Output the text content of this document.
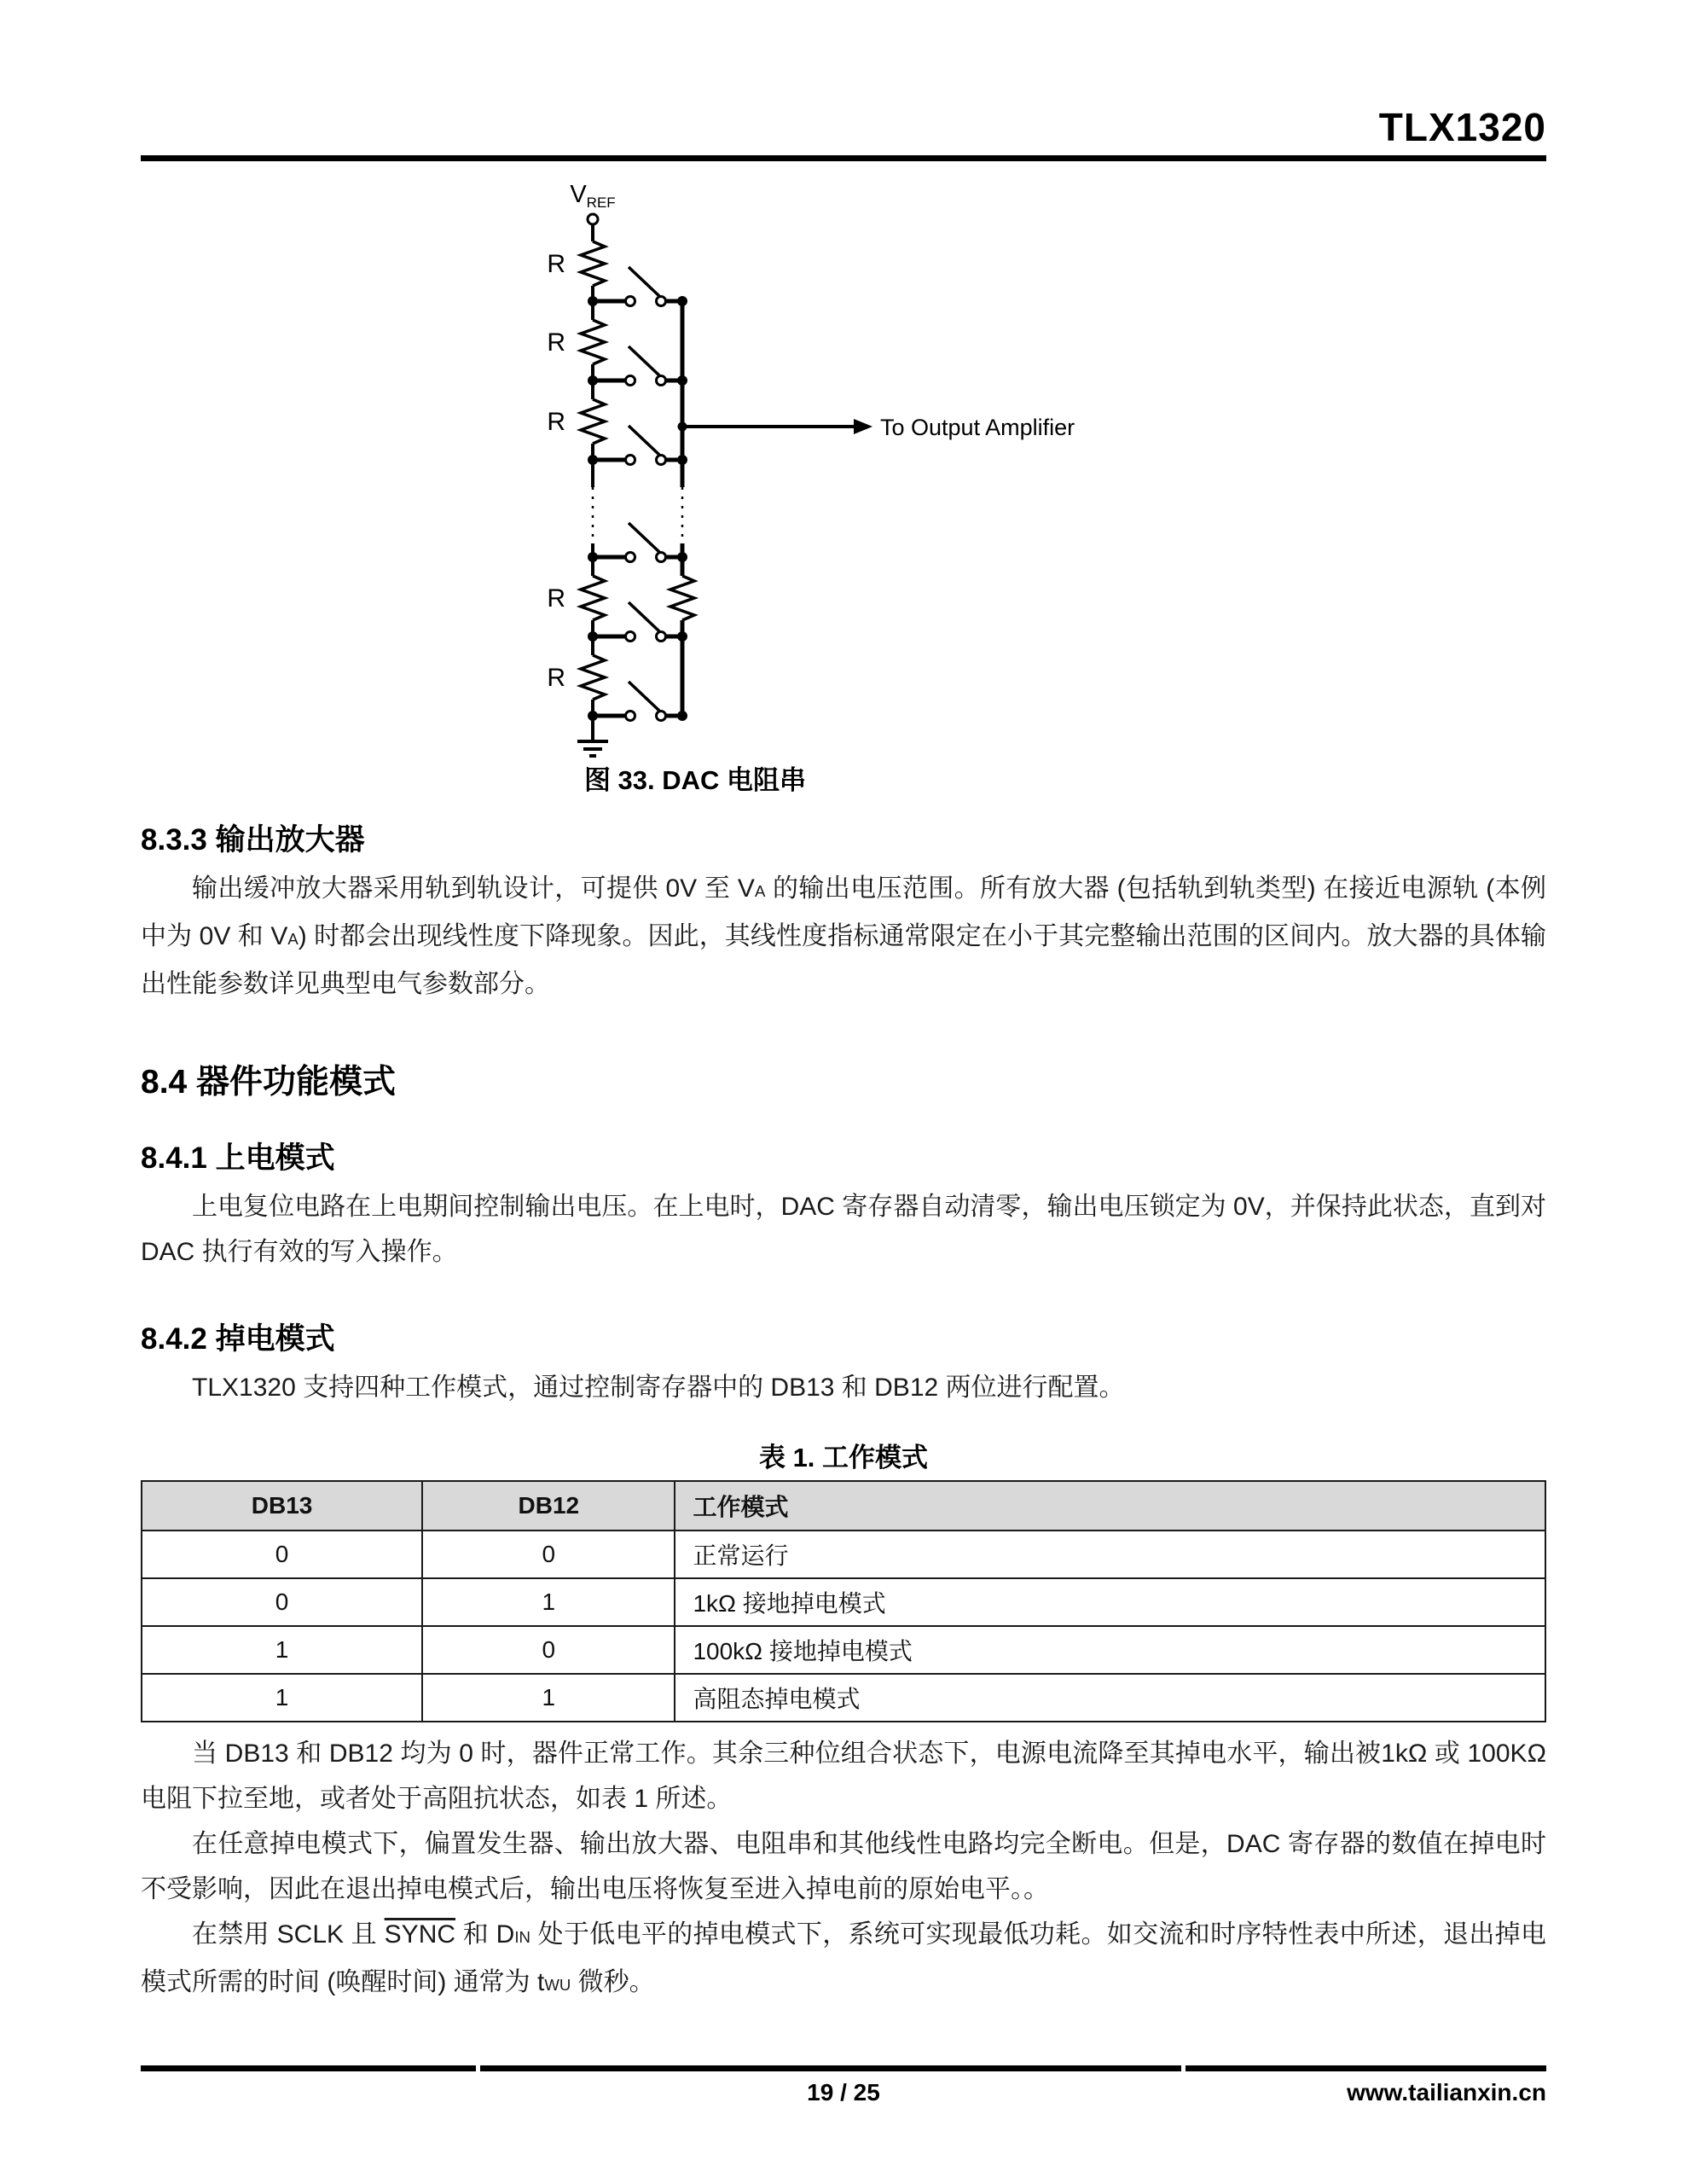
TLX1320
VREF
R
R
R
R
R
To Output Amplifier

图 33. DAC 电阻串

8.3.3 输出放大器

输出缓冲放大器采用轨到轨设计，可提供 0V 至 VA 的输出电压范围。所有放大器 (包括轨到轨类型) 在接近电源轨 (本例中为 0V 和 VA) 时都会出现线性度下降现象。因此，其线性度指标通常限定在小于其完整输出范围的区间内。放大器的具体输出性能参数详见典型电气参数部分。

8.4 器件功能模式
8.4.1 上电模式

上电复位电路在上电期间控制输出电压。在上电时，DAC 寄存器自动清零，输出电压锁定为 0V，并保持此状态，直到对 DAC 执行有效的写入操作。

8.4.2 掉电模式

TLX1320 支持四种工作模式，通过控制寄存器中的 DB13 和 DB12 两位进行配置。

表 1. 工作模式

DB13	DB12	工作模式
0	0	正常运行
0	1	1kΩ 接地掉电模式
1	0	100kΩ 接地掉电模式
1	1	高阻态掉电模式

当 DB13 和 DB12 均为 0 时，器件正常工作。其余三种位组合状态下，电源电流降至其掉电水平，输出被1kΩ 或 100KΩ 电阻下拉至地，或者处于高阻抗状态，如表 1 所述。

在任意掉电模式下，偏置发生器、输出放大器、电阻串和其他线性电路均完全断电。但是，DAC 寄存器的数值在掉电时不受影响，因此在退出掉电模式后，输出电压将恢复至进入掉电前的原始电平。。

在禁用 SCLK 且 SYNC 和 DIN 处于低电平的掉电模式下，系统可实现最低功耗。如交流和时序特性表中所述，退出掉电模式所需的时间 (唤醒时间) 通常为 tWU 微秒。

19 / 25	www.tailianxin.cn
